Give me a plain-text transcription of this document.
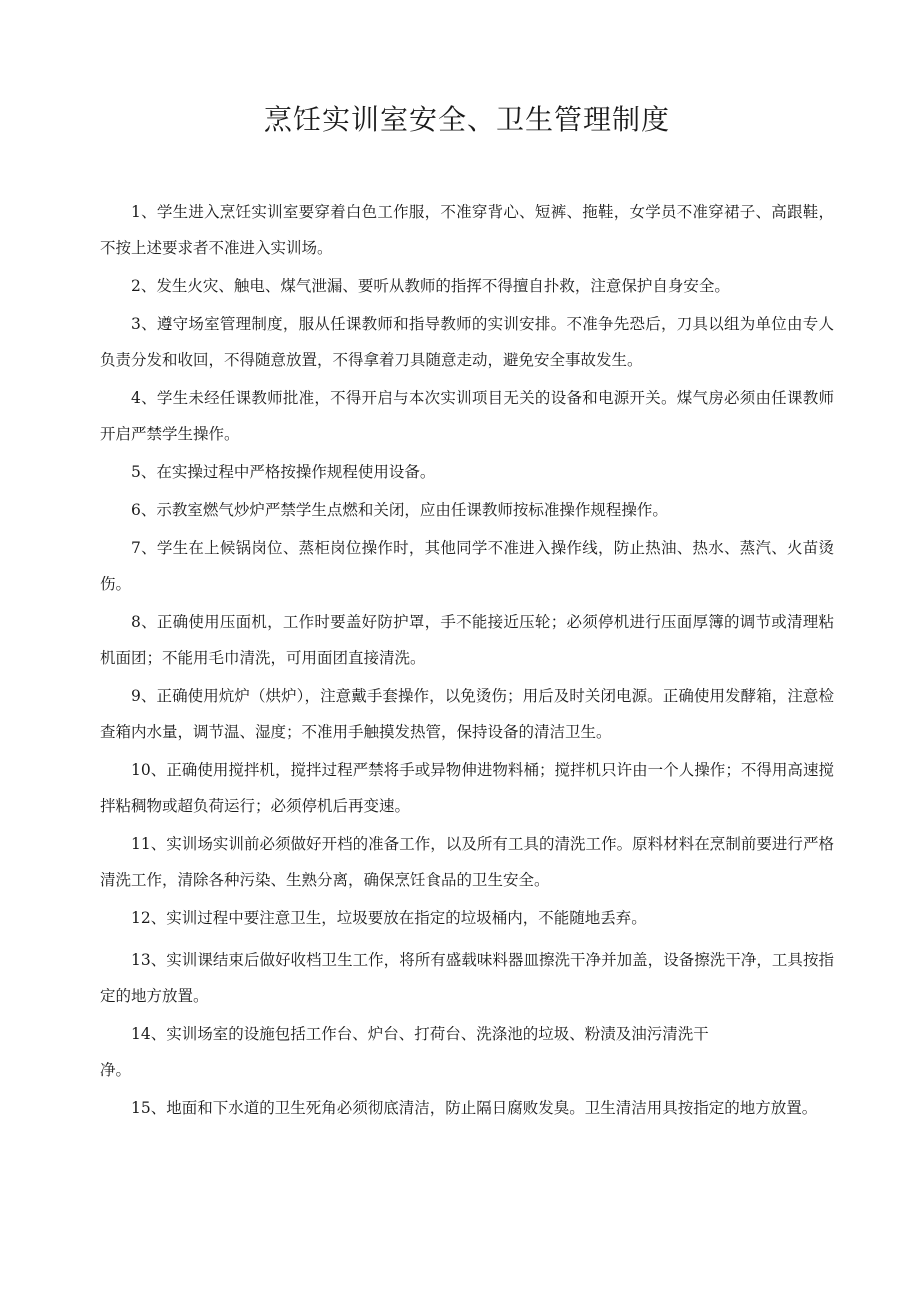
烹饪实训室安全、卫生管理制度

1、学生进入烹饪实训室要穿着白色工作服，不准穿背心、短裤、拖鞋，女学员不准穿裙子、高跟鞋，不按上述要求者不准进入实训场。

2、发生火灾、触电、煤气泄漏、要听从教师的指挥不得擅自扑救，注意保护自身安全。

3、遵守场室管理制度，服从任课教师和指导教师的实训安排。不准争先恐后，刀具以组为单位由专人负责分发和收回，不得随意放置，不得拿着刀具随意走动，避免安全事故发生。

4、学生未经任课教师批准，不得开启与本次实训项目无关的设备和电源开关。煤气房必须由任课教师开启严禁学生操作。

5、在实操过程中严格按操作规程使用设备。

6、示教室燃气炒炉严禁学生点燃和关闭，应由任课教师按标准操作规程操作。

7、学生在上候锅岗位、蒸柜岗位操作时，其他同学不准进入操作线，防止热油、热水、蒸汽、火苗烫伤。

8、正确使用压面机，工作时要盖好防护罩，手不能接近压轮；必须停机进行压面厚簿的调节或清理粘机面团；不能用毛巾清洗，可用面团直接清洗。

9、正确使用炕炉（烘炉），注意戴手套操作，以免烫伤；用后及时关闭电源。正确使用发酵箱，注意检查箱内水量，调节温、湿度；不准用手触摸发热管，保持设备的清洁卫生。

10、正确使用搅拌机，搅拌过程严禁将手或异物伸进物料桶；搅拌机只许由一个人操作；不得用高速搅拌粘稠物或超负荷运行；必须停机后再变速。

11、实训场实训前必须做好开档的准备工作，以及所有工具的清洗工作。原料材料在烹制前要进行严格清洗工作，清除各种污染、生熟分离，确保烹饪食品的卫生安全。

12、实训过程中要注意卫生，垃圾要放在指定的垃圾桶内，不能随地丢弃。

13、实训课结束后做好收档卫生工作，将所有盛载味料器皿擦洗干净并加盖，设备擦洗干净，工具按指定的地方放置。

14、实训场室的设施包括工作台、炉台、打荷台、洗涤池的垃圾、粉渍及油污清洗干
净。

15、地面和下水道的卫生死角必须彻底清洁，防止隔日腐败发臭。卫生清洁用具按指定的地方放置。
